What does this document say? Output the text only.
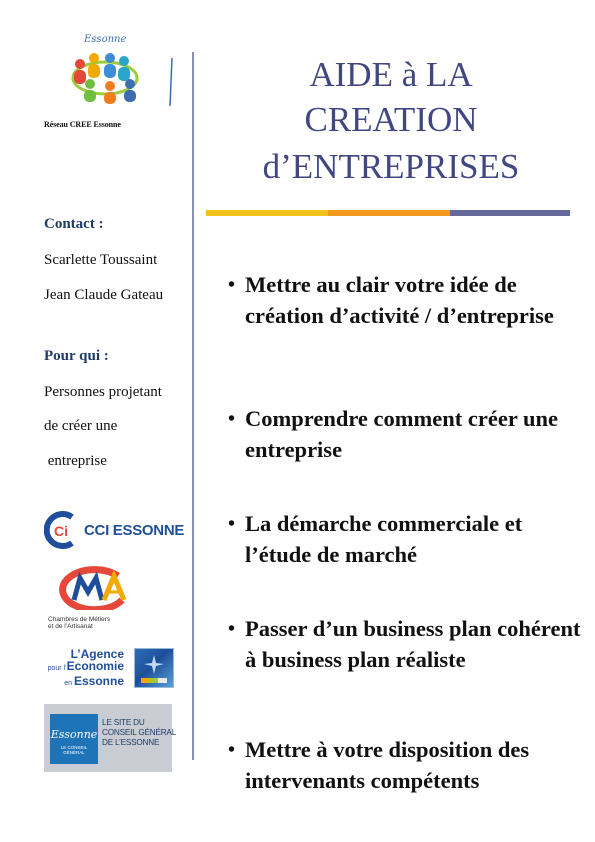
Essonne
Réseau CREE Essonne
Contact :
Scarlette Toussaint
Jean Claude Gateau
Pour qui :
Personnes projetant
de créer une
entreprise
Ci CCI ESSONNE
Chambres de Métiers
et de l’Artisanat
L’Agence
pour l’Economie
en Essonne
Essonne
LE CONSEIL GÉNÉRAL
LE SITE DU
CONSEIL GÉNÉRAL
DE L’ESSONNE
AIDE à LA
CREATION
d’ENTREPRISES
• Mettre au clair votre idée de création d’activité / d’entreprise
• Comprendre comment créer une entreprise
• La démarche commerciale et l’étude de marché
• Passer d’un business plan cohérent à business plan réaliste
• Mettre à votre disposition des intervenants compétents
